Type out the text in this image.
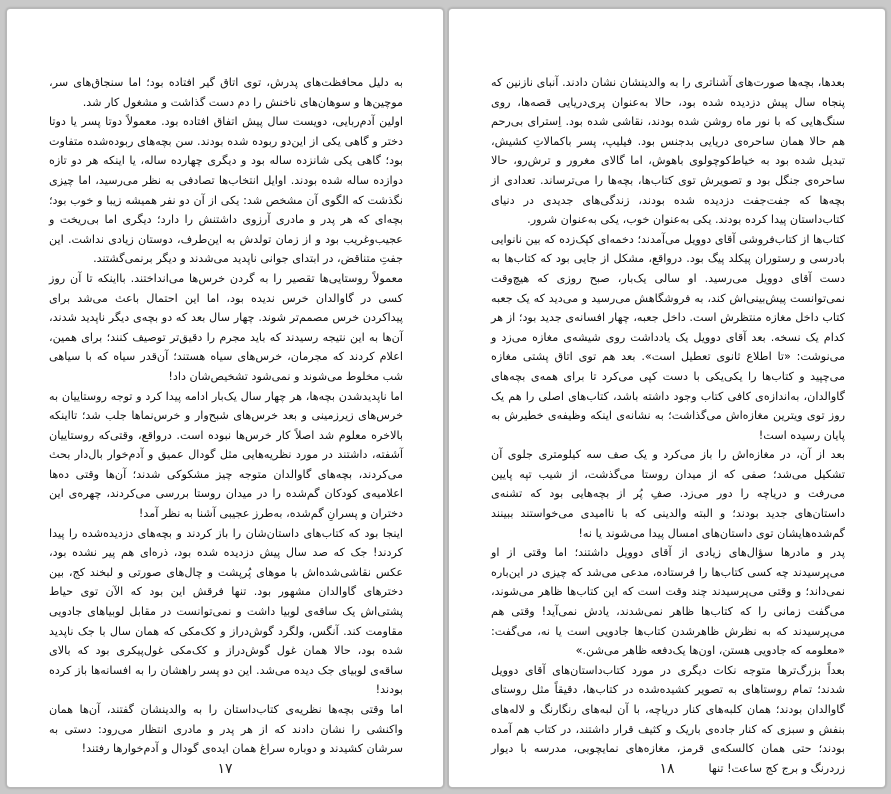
به دلیل محافظت‌های پدرش، توی اتاق گیر افتاده بود؛ اما سنجاق‌های سر، موچین‌ها و سوهان‌های ناخنش را دم دست گذاشت و مشغول کار شد.

اولین آدم‌ربایی، دویست سال پیش اتفاق افتاده بود. معمولاً دوتا پسر یا دوتا دختر و گاهی یکی از این‌دو ربوده شده بودند. سن بچه‌های ربوده‌شده متفاوت بود؛ گاهی یکی شانزده ساله بود و دیگری چهارده ساله، یا اینکه هر دو تازه دوازده ساله شده بودند. اوایل انتخاب‌ها تصادفی به نظر می‌رسید، اما چیزی نگذشت که الگوی آن مشخص شد: یکی از آن دو نفر همیشه زیبا و خوب بود؛ بچه‌ای که هر پدر و مادری آرزوی داشتنش را دارد؛ دیگری اما بی‌ریخت و عجیب‌وغریب بود و از زمان تولدش به این‌طرف، دوستان زیادی نداشت. این جفتِ متناقض، در ابتدای جوانی ناپدید می‌شدند و دیگر برنمی‌گشتند.

معمولاً روستایی‌ها تقصیر را به گردن خرس‌ها می‌انداختند. بااینکه تا آن روز کسی در گاوالدان خرس ندیده بود، اما این احتمال باعث می‌شد برای پیداکردن خرس مصمم‌تر شوند. چهار سال بعد که دو بچه‌ی دیگر ناپدید شدند، آن‌ها به این نتیجه رسیدند که باید مجرم را دقیق‌تر توصیف کنند؛ برای همین، اعلام کردند که مجرمان، خرس‌های سیاه هستند؛ آن‌قدر سیاه که با سیاهی شب مخلوط می‌شوند و نمی‌شود تشخیص‌شان داد!

اما ناپدیدشدن بچه‌ها، هر چهار سال یک‌بار ادامه پیدا کرد و توجه روستاییان به خرس‌های زیرزمینی و بعد خرس‌های شبح‌وار و خرس‌نماها جلب شد؛ تااینکه بالاخره معلوم شد اصلاً کار خرس‌ها نبوده است. درواقع، وقتی‌که روستاییان آشفته، داشتند در مورد نظریه‌هایی مثل گودال عمیق و آدم‌خوار بال‌دار بحث می‌کردند، بچه‌های گاوالدان متوجه چیز مشکوکی شدند؛ آن‌ها وقتی ده‌ها اعلامیه‌ی کودکان گم‌شده را در میدان روستا بررسی می‌کردند، چهره‌ی این دختران و پسرانِ گم‌شده، به‌طرز عجیبی آشنا به نظر آمد!

اینجا بود که کتاب‌های داستان‌شان را باز کردند و بچه‌های دزدیده‌شده را پیدا کردند! جک که صد سال پیش دزدیده شده بود، ذره‌ای هم پیر نشده بود، عکس نقاشی‌شده‌اش با موهای پُرپشت و چال‌های صورتی و لبخند کج، بین دخترهای گاوالدان مشهور بود. تنها فرقش این بود که الآن توی حیاط پشتی‌اش یک ساقه‌ی لوبیا داشت و نمی‌توانست در مقابل لوبیاهای جادویی مقاومت کند. آنگس، ولگرد گوش‌دراز و کک‌مکی که همان سال با جک ناپدید شده بود، حالا همان غول گوش‌دراز و کک‌مکی غول‌پیکری بود که بالای ساقه‌ی لوبیای جک دیده می‌شد. این دو پسر راهشان را به افسانه‌ها باز کرده بودند!

اما وقتی بچه‌ها نظریه‌ی کتاب‌داستان را به والدینشان گفتند، آن‌ها همان واکنشی را نشان دادند که از هر پدر و مادری انتظار می‌رود: دستی به سرشان کشیدند و دوباره سراغ همان ایده‌ی گودال و آدم‌خوارها رفتند!

۱۷

بعدها، بچه‌ها صورت‌های آشناتری را به والدینشان نشان دادند. آنبای نازنین که پنجاه سال پیش دزدیده شده بود، حالا به‌عنوان پری‌دریایی قصه‌ها، روی سنگ‌هایی که با نور ماه روشن شده بودند، نقاشی شده بود. اِسترای بی‌رحم هم حالا همان ساحره‌ی دریایی بدجنس بود. فیلیپ، پسر باکمالاتِ کشیش، تبدیل شده بود به خیاط‌کوچولوی باهوش، اما گالای مغرور و ترش‌رو، حالا ساحره‌ی جنگل بود و تصویرش توی کتاب‌ها، بچه‌ها را می‌ترساند. تعدادی از بچه‌ها که جفت‌جفت دزدیده شده بودند، زندگی‌های جدیدی در دنیای کتاب‌داستان پیدا کرده بودند. یکی به‌عنوان خوب، یکی به‌عنوان شرور.

کتاب‌ها از کتاب‌فروشی آقای دوویل می‌آمدند؛ دخمه‌ای کپک‌زده که بین نانوایی بادرسی و رستوران پیکلد پیگ بود. درواقع، مشکل از جایی بود که کتاب‌ها به دست آقای دوویل می‌رسید. او سالی یک‌بار، صبح روزی که هیچ‌وقت نمی‌توانست پیش‌بینی‌اش کند، به فروشگاهش می‌رسید و می‌دید که یک جعبه کتاب داخل مغازه منتظرش است. داخل جعبه، چهار افسانه‌ی جدید بود؛ از هر کدام یک نسخه. بعد آقای دوویل یک یادداشت روی شیشه‌ی مغازه می‌زد و می‌نوشت: «تا اطلاع ثانوی تعطیل است». بعد هم توی اتاق پشتی مغازه می‌چپید و کتاب‌ها را یکی‌یکی با دست کپی می‌کرد تا برای همه‌ی بچه‌های گاوالدان، به‌اندازه‌ی کافی کتاب وجود داشته باشد، کتاب‌های اصلی را هم یک روز توی ویترین مغازه‌اش می‌گذاشت؛ به نشانه‌ی اینکه وظیفه‌ی خطیرش به پایان رسیده است!

بعد از آن، در مغازه‌اش را باز می‌کرد و یک صف سه کیلومتری جلوی آن تشکیل می‌شد؛ صفی که از میدان روستا می‌گذشت، از شیب تپه پایین می‌رفت و دریاچه را دور می‌زد. صفِ پُر از بچه‌هایی بود که تشنه‌ی داستان‌های جدید بودند؛ و البته والدینی که با ناامیدی می‌خواستند ببینند گم‌شده‌هایشان توی داستان‌های امسال پیدا می‌شوند یا نه!

پدر و مادرها سؤال‌های زیادی از آقای دوویل داشتند؛ اما وقتی از او می‌پرسیدند چه کسی کتاب‌ها را فرستاده، مدعی می‌شد که چیزی در این‌باره نمی‌داند؛ و وقتی می‌پرسیدند چند وقت است که این کتاب‌ها ظاهر می‌شوند، می‌گفت زمانی را که کتاب‌ها ظاهر نمی‌شدند، یادش نمی‌آید! وقتی هم می‌پرسیدند که به نظرش ظاهرشدن کتاب‌ها جادویی است یا نه، می‌گفت: «معلومه که جادویی هستن، اون‌ها یک‌دفعه ظاهر می‌شن.»

بعداً بزرگ‌ترها متوجه نکات دیگری در مورد کتاب‌داستان‌های آقای دوویل شدند؛ تمام روستاهای به تصویر کشیده‌شده در کتاب‌ها، دقیقاً مثل روستای گاوالدان بودند؛ همان کلبه‌های کنار دریاچه، با آن لبه‌های رنگارنگ و لاله‌های بنفش و سبزی که کنار جاده‌ی باریک و کثیف قرار داشتند، در کتاب هم آمده بودند؛ حتی همان کالسکه‌ی قرمز، مغازه‌های نمایچوبی، مدرسه با دیوار زردرنگ و برج کج ساعت! تنها

۱۸
